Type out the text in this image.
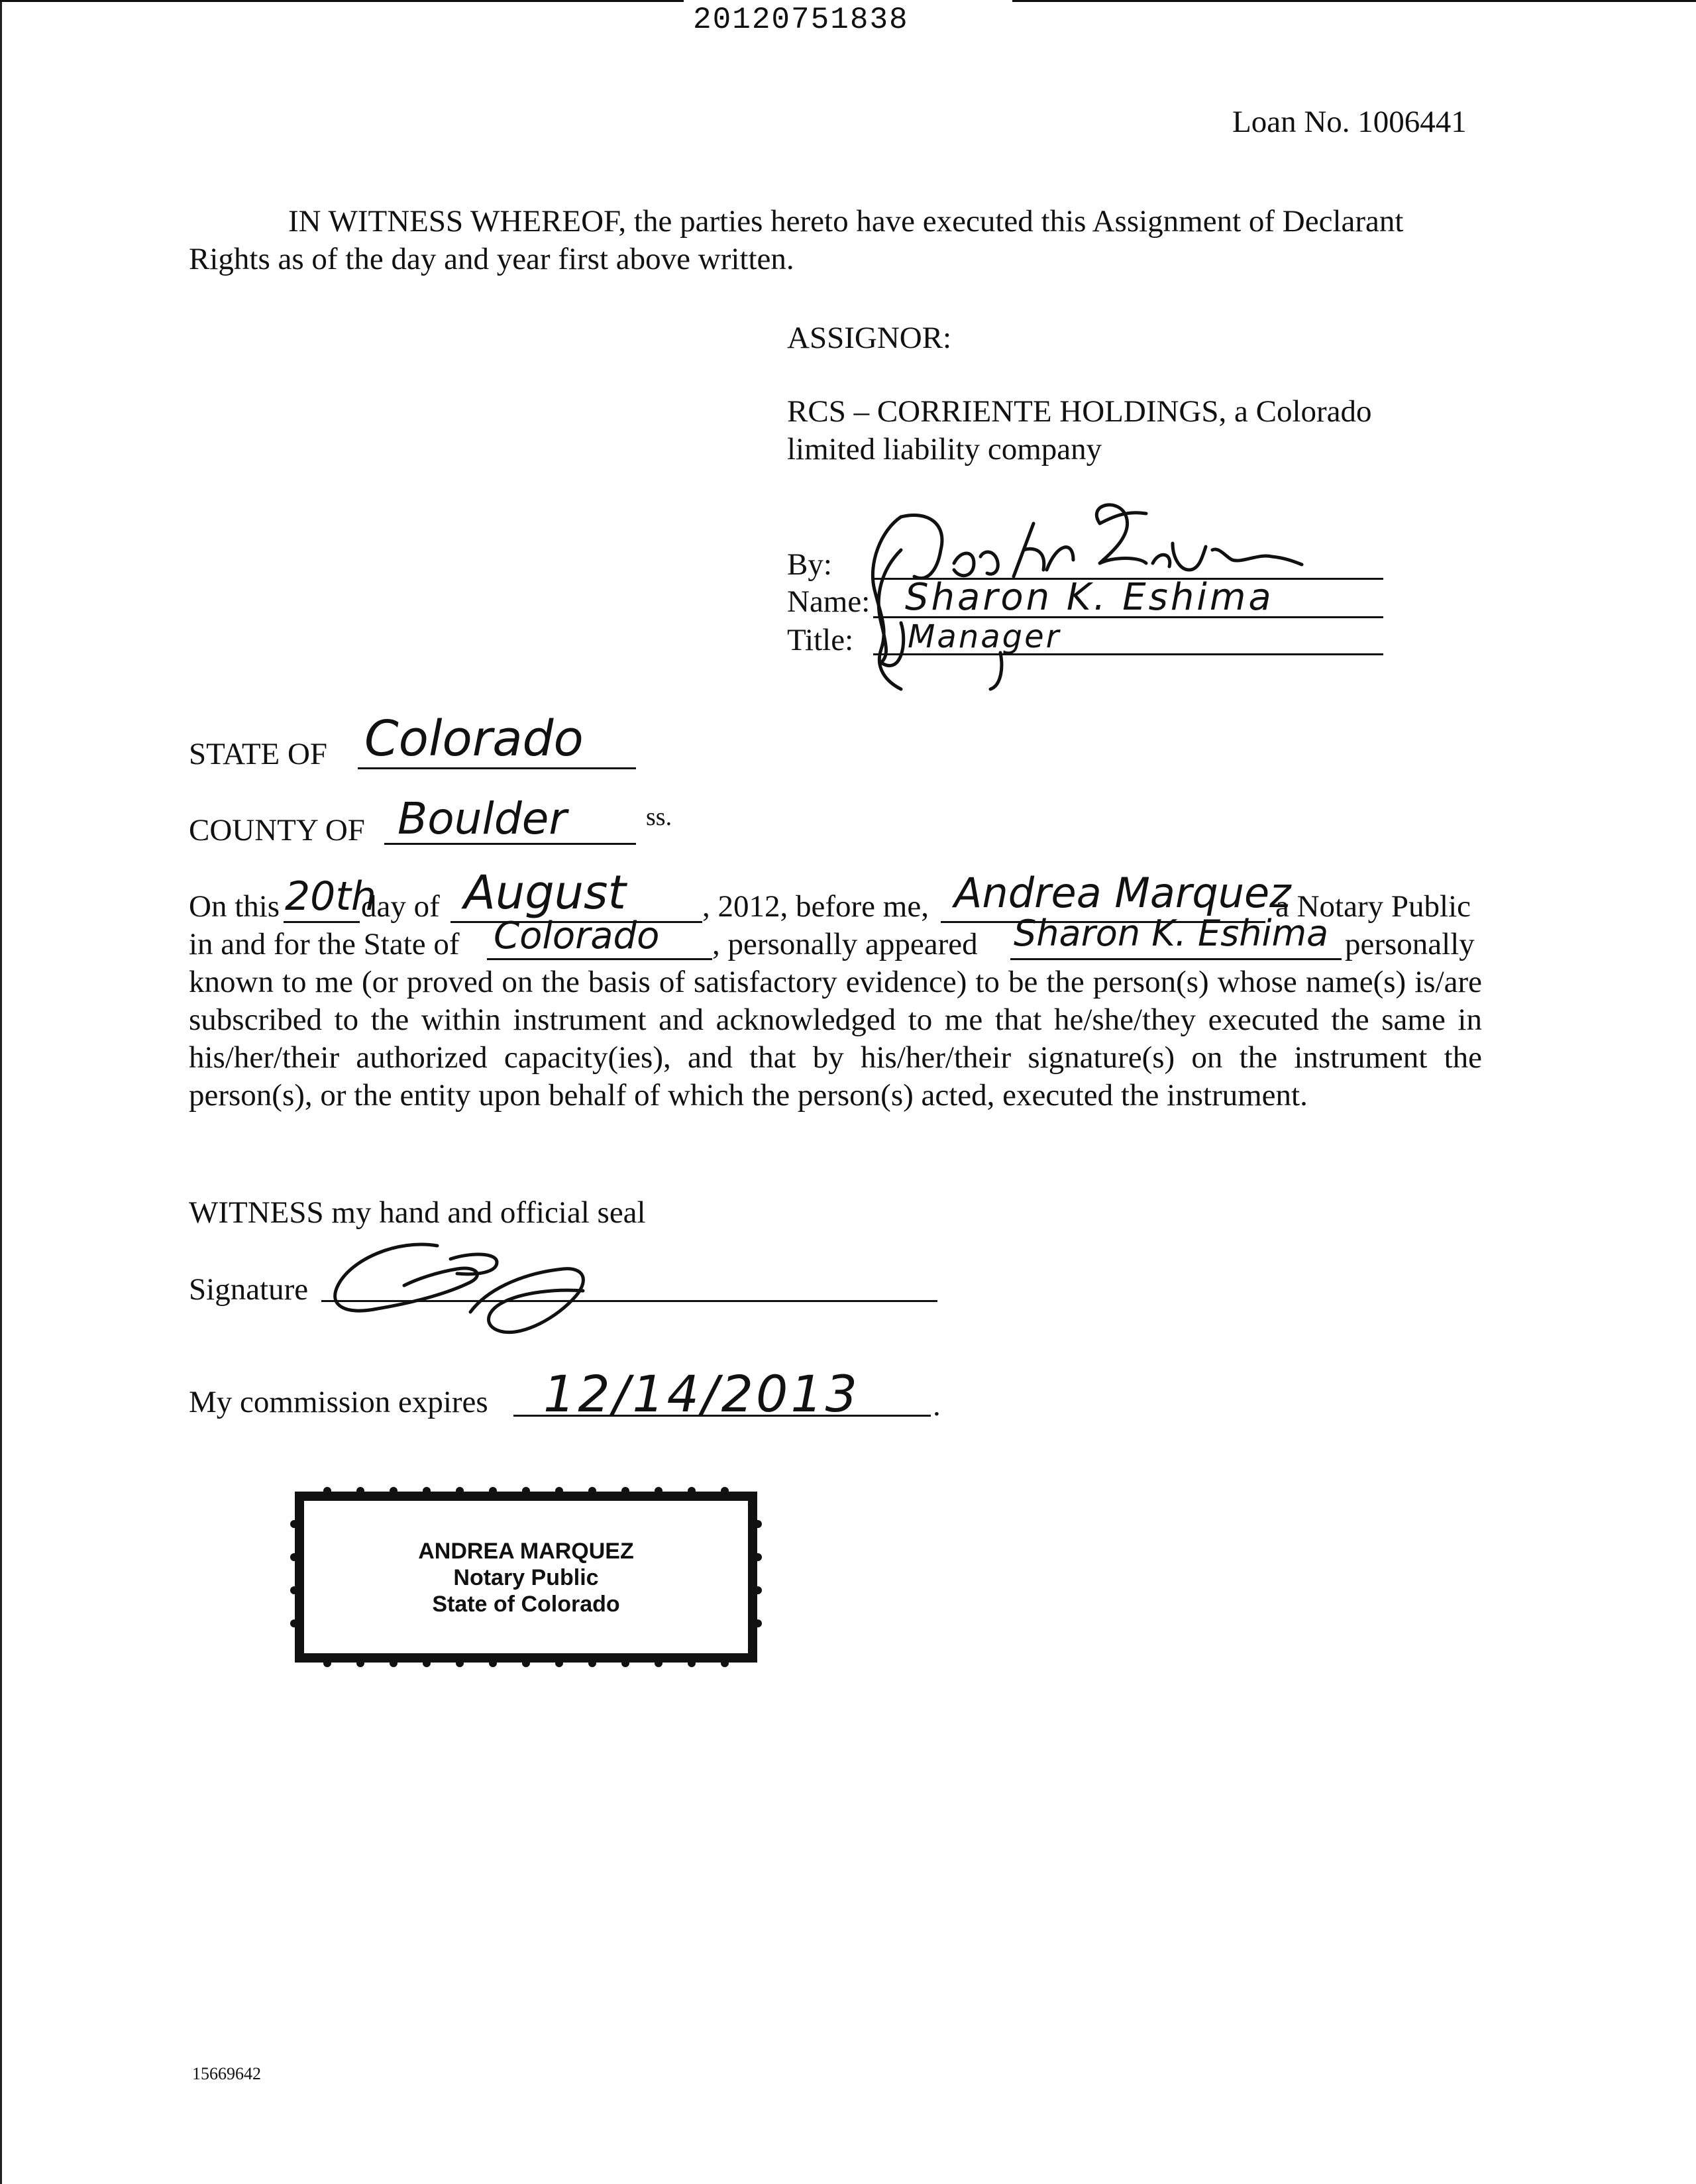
20120751838
Loan No. 1006441
IN WITNESS WHEREOF, the parties hereto have executed this Assignment of Declarant
Rights as of the day and year first above written.
ASSIGNOR:
RCS – CORRIENTE HOLDINGS, a Colorado
limited liability company
By:
Name:
Title:
Sharon K. Eshima
Manager
STATE OF Colorado
COUNTY OF Boulder	ss.
On this 20th
day of August , 2012, before me, Andrea Marquez
a Notary Public
in and for the State of Colorado , personally appeared Sharon K. Eshima personally
known to me (or proved on the basis of satisfactory evidence) to be the person(s) whose name(s) is/are subscribed to the within instrument and acknowledged to me that he/she/they executed the same in his/her/their authorized capacity(ies), and that by his/her/their signature(s) on the instrument the person(s), or the entity upon behalf of which the person(s) acted, executed the instrument.
WITNESS my hand and official seal
Signature
My commission expires 12/14/2013 .
ANDREA MARQUEZ
Notary Public
State of Colorado
15669642
